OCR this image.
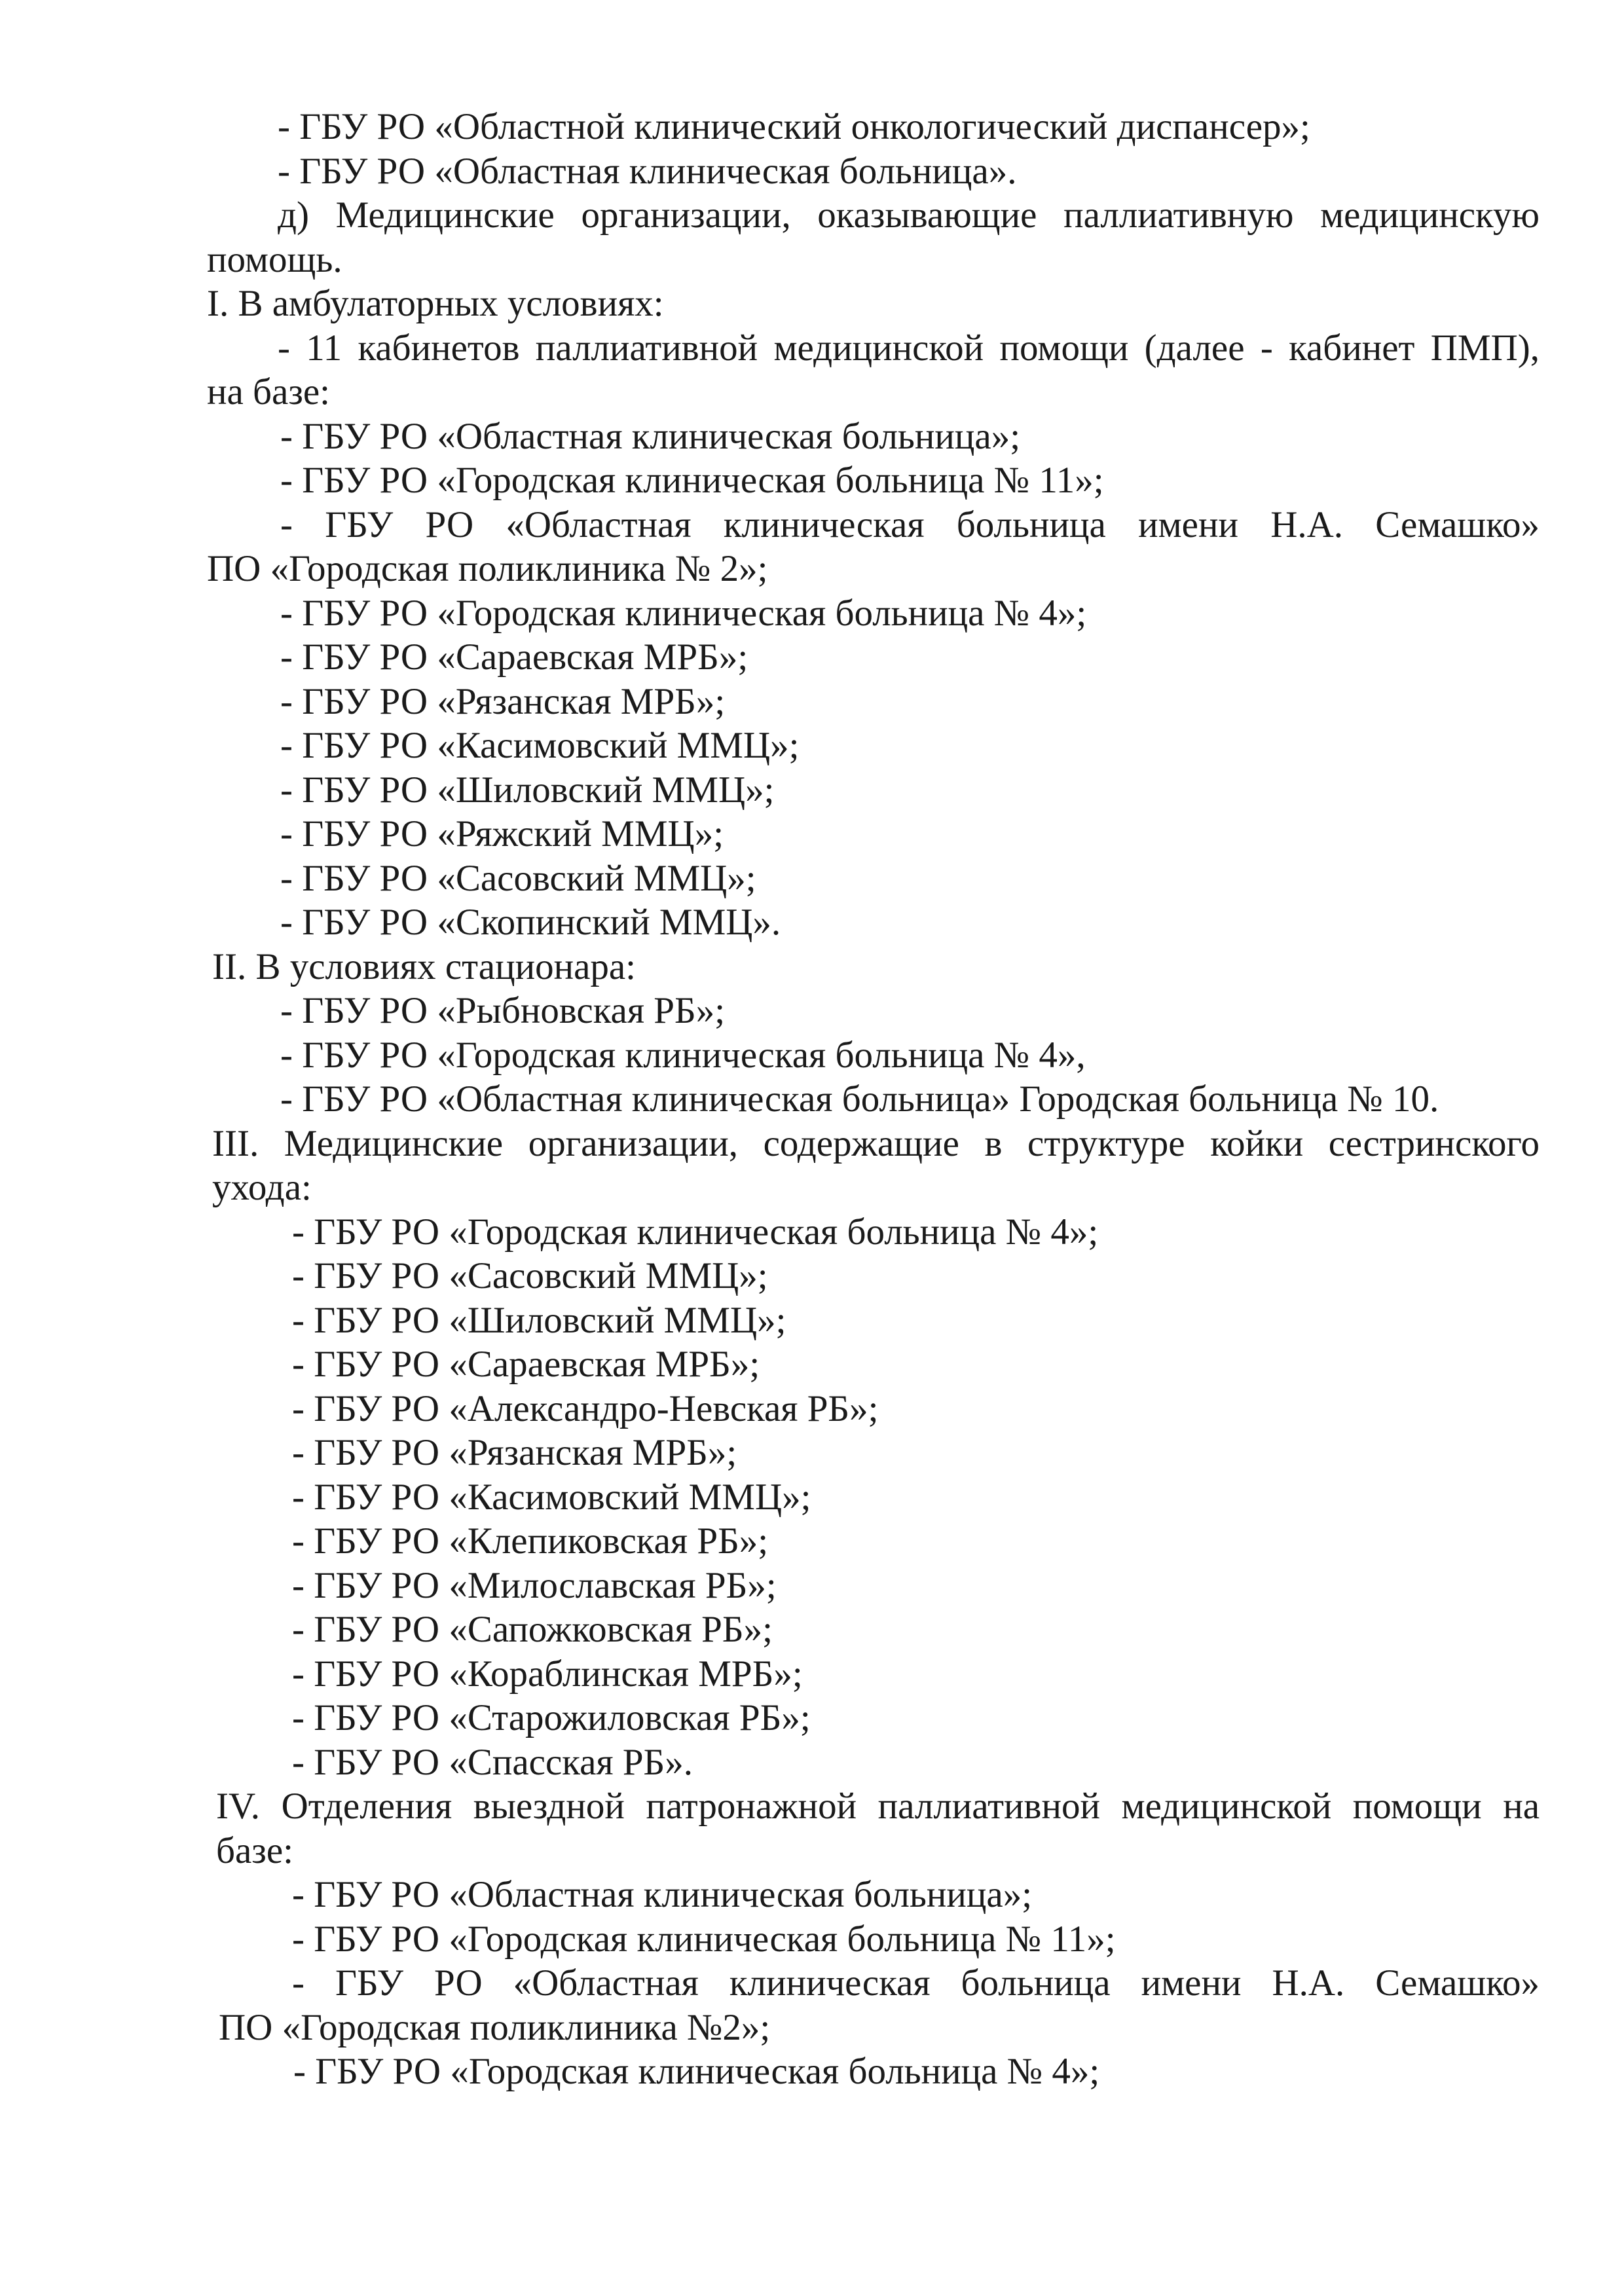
- ГБУ РО «Областной клинический онкологический диспансер»;
- ГБУ РО «Областная клиническая больница».
д) Медицинские организации, оказывающие паллиативную медицинскую
помощь.
I. В амбулаторных условиях:
- 11 кабинетов паллиативной медицинской помощи (далее - кабинет ПМП),
на базе:
- ГБУ РО «Областная клиническая больница»;
- ГБУ РО «Городская клиническая больница № 11»;
- ГБУ РО «Областная клиническая больница имени Н.А. Семашко»
ПО «Городская поликлиника № 2»;
- ГБУ РО «Городская клиническая больница № 4»;
- ГБУ РО «Сараевская МРБ»;
- ГБУ РО «Рязанская МРБ»;
- ГБУ РО «Касимовский ММЦ»;
- ГБУ РО «Шиловский ММЦ»;
- ГБУ РО «Ряжский ММЦ»;
- ГБУ РО «Сасовский ММЦ»;
- ГБУ РО «Скопинский ММЦ».
II. В условиях стационара:
- ГБУ РО «Рыбновская РБ»;
- ГБУ РО «Городская клиническая больница № 4»,
- ГБУ РО «Областная клиническая больница» Городская больница № 10.
III. Медицинские организации, содержащие в структуре койки сестринского
ухода:
- ГБУ РО «Городская клиническая больница № 4»;
- ГБУ РО «Сасовский ММЦ»;
- ГБУ РО «Шиловский ММЦ»;
- ГБУ РО «Сараевская МРБ»;
- ГБУ РО «Александро-Невская РБ»;
- ГБУ РО «Рязанская МРБ»;
- ГБУ РО «Касимовский ММЦ»;
- ГБУ РО «Клепиковская РБ»;
- ГБУ РО «Милославская РБ»;
- ГБУ РО «Сапожковская РБ»;
- ГБУ РО «Кораблинская МРБ»;
- ГБУ РО «Старожиловская РБ»;
- ГБУ РО «Спасская РБ».
IV. Отделения выездной патронажной паллиативной медицинской помощи на
базе:
- ГБУ РО «Областная клиническая больница»;
- ГБУ РО «Городская клиническая больница № 11»;
- ГБУ РО «Областная клиническая больница имени Н.А. Семашко»
ПО «Городская поликлиника №2»;
- ГБУ РО «Городская клиническая больница № 4»;
